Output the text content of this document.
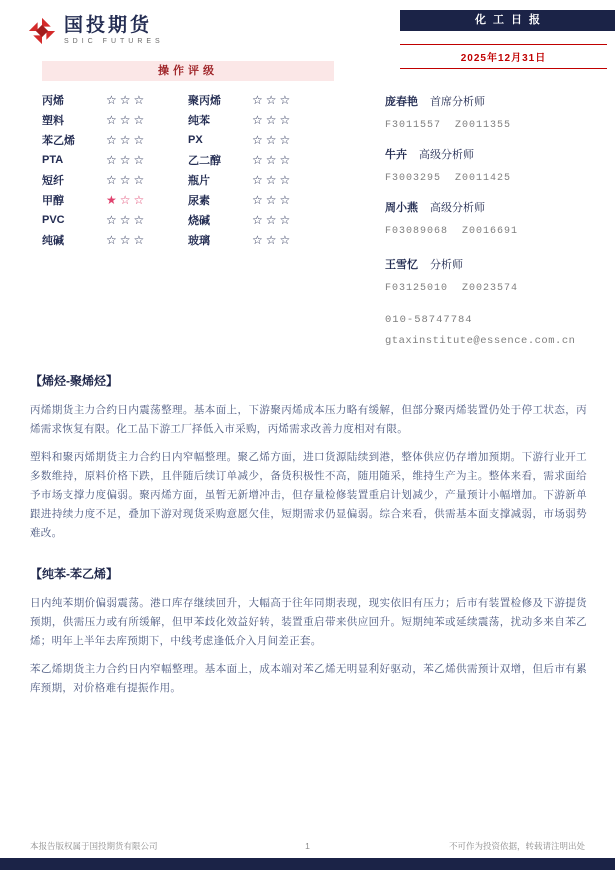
国投期货
SDIC FUTURES
化工日报
2025年12月31日
操作评级
丙烯	☆☆☆	聚丙烯	☆☆☆
塑料	☆☆☆	纯苯	☆☆☆
苯乙烯	☆☆☆	PX	☆☆☆
PTA	☆☆☆	乙二醇	☆☆☆
短纤	☆☆☆	瓶片	☆☆☆
甲醇	★☆☆	尿素	☆☆☆
PVC	☆☆☆	烧碱	☆☆☆
纯碱	☆☆☆	玻璃	☆☆☆
庞春艳 首席分析师
F3011557  Z0011355
牛卉 高级分析师
F3003295  Z0011425
周小燕 高级分析师
F03089068  Z0016691
王雪忆 分析师
F03125010  Z0023574
010-58747784
gtaxinstitute@essence.com.cn
【烯烃-聚烯烃】

丙烯期货主力合约日内震荡整理。基本面上，下游聚丙烯成本压力略有缓解，但部分聚丙烯装置仍处于停工状态，丙烯需求恢复有限。化工品下游工厂择低入市采购，丙烯需求改善力度相对有限。

塑料和聚丙烯期货主力合约日内窄幅整理。聚乙烯方面，进口货源陆续到港，整体供应仍存增加预期。下游行业开工多数维持，原料价格下跌，且伴随后续订单减少，备货积极性不高，随用随采，维持生产为主。整体来看，需求面给予市场支撑力度偏弱。聚丙烯方面，虽暂无新增冲击，但存量检修装置重启计划减少，产量预计小幅增加。下游新单跟进持续力度不足，叠加下游对现货采购意愿欠佳，短期需求仍显偏弱。综合来看，供需基本面支撑减弱，市场弱势难改。

【纯苯-苯乙烯】

日内纯苯期价偏弱震荡。港口库存继续回升，大幅高于往年同期表现，现实依旧有压力；后市有装置检修及下游提货预期，供需压力或有所缓解，但甲苯歧化效益好转，装置重启带来供应回升。短期纯苯或延续震荡，扰动多来自苯乙烯；明年上半年去库预期下，中线考虑逢低介入月间差正套。

苯乙烯期货主力合约日内窄幅整理。基本面上，成本端对苯乙烯无明显利好驱动，苯乙烯供需预计双增，但后市有累库预期，对价格难有提振作用。

本报告版权属于国投期货有限公司	1	不可作为投资依据，转载请注明出处
